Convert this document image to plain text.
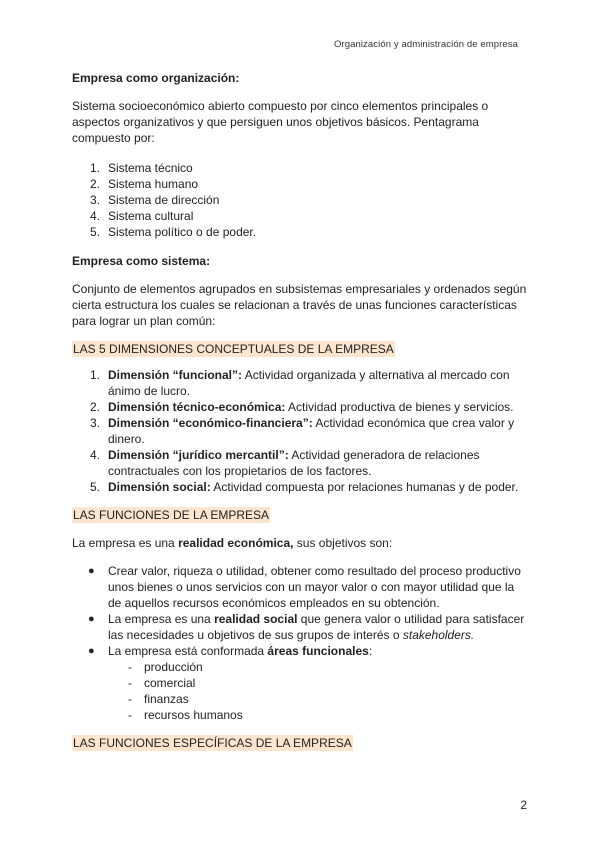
Organización y administración de empresa
Empresa como organización:

Sistema socioeconómico abierto compuesto por cinco elementos principales o aspectos organizativos y que persiguen unos objetivos básicos. Pentagrama compuesto por:

1. Sistema técnico
2. Sistema humano
3. Sistema de dirección
4. Sistema cultural
5. Sistema político o de poder.
Empresa como sistema:

Conjunto de elementos agrupados en subsistemas empresariales y ordenados según cierta estructura los cuales se relacionan a través de unas funciones características para lograr un plan común:

LAS 5 DIMENSIONES CONCEPTUALES DE LA EMPRESA

1. Dimensión “funcional”: Actividad organizada y alternativa al mercado con ánimo de lucro.
2. Dimensión técnico-económica: Actividad productiva de bienes y servicios.
3. Dimensión “económico-financiera”: Actividad económica que crea valor y dinero.
4. Dimensión “jurídico mercantil”: Actividad generadora de relaciones contractuales con los propietarios de los factores.
5. Dimensión social: Actividad compuesta por relaciones humanas y de poder.

LAS FUNCIONES DE LA EMPRESA

La empresa es una realidad económica, sus objetivos son:

● Crear valor, riqueza o utilidad, obtener como resultado del proceso productivo unos bienes o unos servicios con un mayor valor o con mayor utilidad que la de aquellos recursos económicos empleados en su obtención.
● La empresa es una realidad social que genera valor o utilidad para satisfacer las necesidades u objetivos de sus grupos de interés o stakeholders.
● La empresa está conformada áreas funcionales:
- producción
- comercial
- finanzas
- recursos humanos

LAS FUNCIONES ESPECÍFICAS DE LA EMPRESA

2
